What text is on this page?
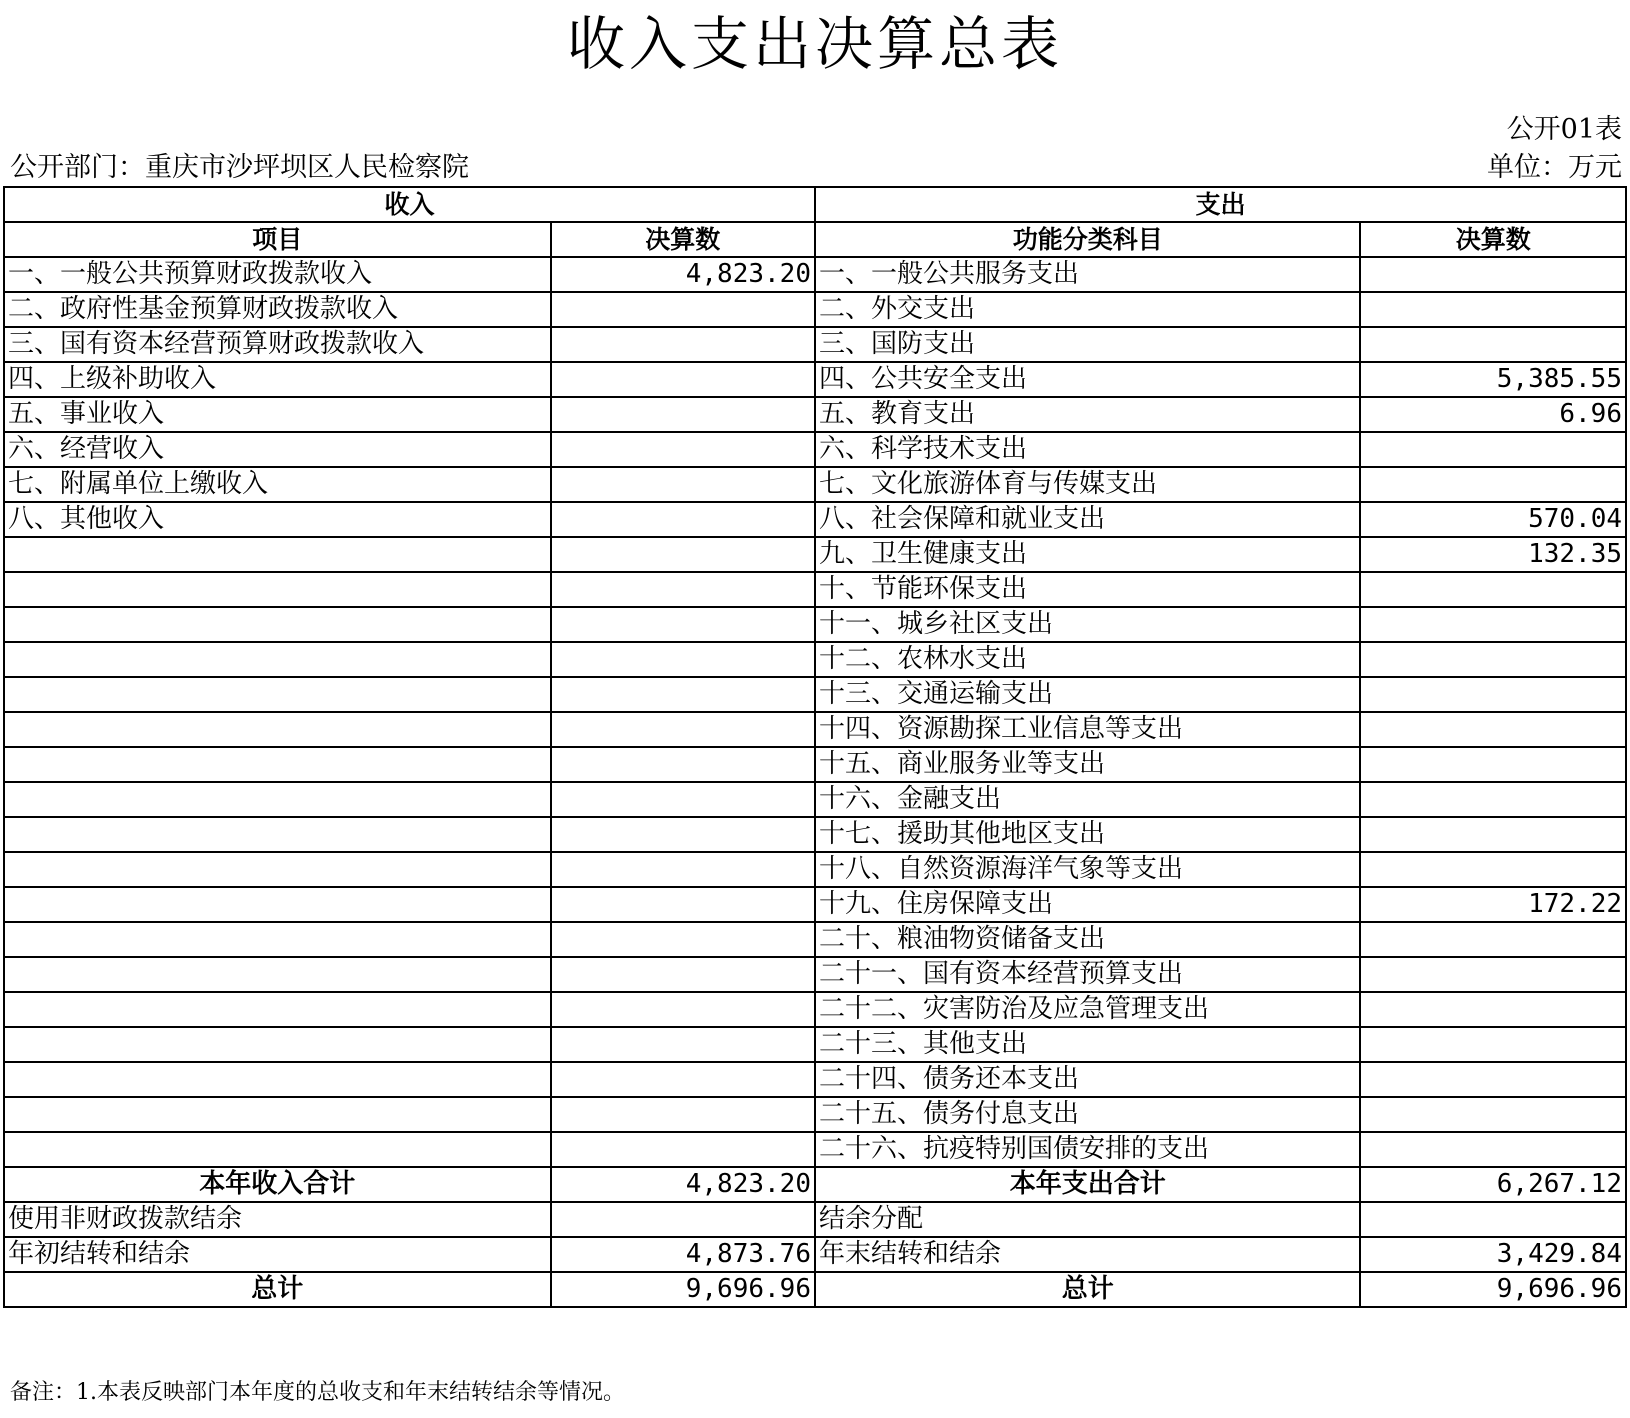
收入支出决算总表
公开01表
公开部门：重庆市沙坪坝区人民检察院	单位：万元
收入		支出	
项目	决算数	功能分类科目	决算数
一、一般公共预算财政拨款收入	4,823.20	一、一般公共服务支出	
二、政府性基金预算财政拨款收入		二、外交支出	
三、国有资本经营预算财政拨款收入		三、国防支出	
四、上级补助收入		四、公共安全支出	5,385.55
五、事业收入		五、教育支出	6.96
六、经营收入		六、科学技术支出	
七、附属单位上缴收入		七、文化旅游体育与传媒支出	
八、其他收入		八、社会保障和就业支出	570.04
		九、卫生健康支出	132.35
		十、节能环保支出	
		十一、城乡社区支出	
		十二、农林水支出	
		十三、交通运输支出	
		十四、资源勘探工业信息等支出	
		十五、商业服务业等支出	
		十六、金融支出	
		十七、援助其他地区支出	
		十八、自然资源海洋气象等支出	
		十九、住房保障支出	172.22
		二十、粮油物资储备支出	
		二十一、国有资本经营预算支出	
		二十二、灾害防治及应急管理支出	
		二十三、其他支出	
		二十四、债务还本支出	
		二十五、债务付息支出	
		二十六、抗疫特别国债安排的支出	
本年收入合计	4,823.20	本年支出合计	6,267.12
使用非财政拨款结余		结余分配	
年初结转和结余	4,873.76	年末结转和结余	3,429.84
总计	9,696.96	总计	9,696.96
备注：1.本表反映部门本年度的总收支和年末结转结余等情况。
